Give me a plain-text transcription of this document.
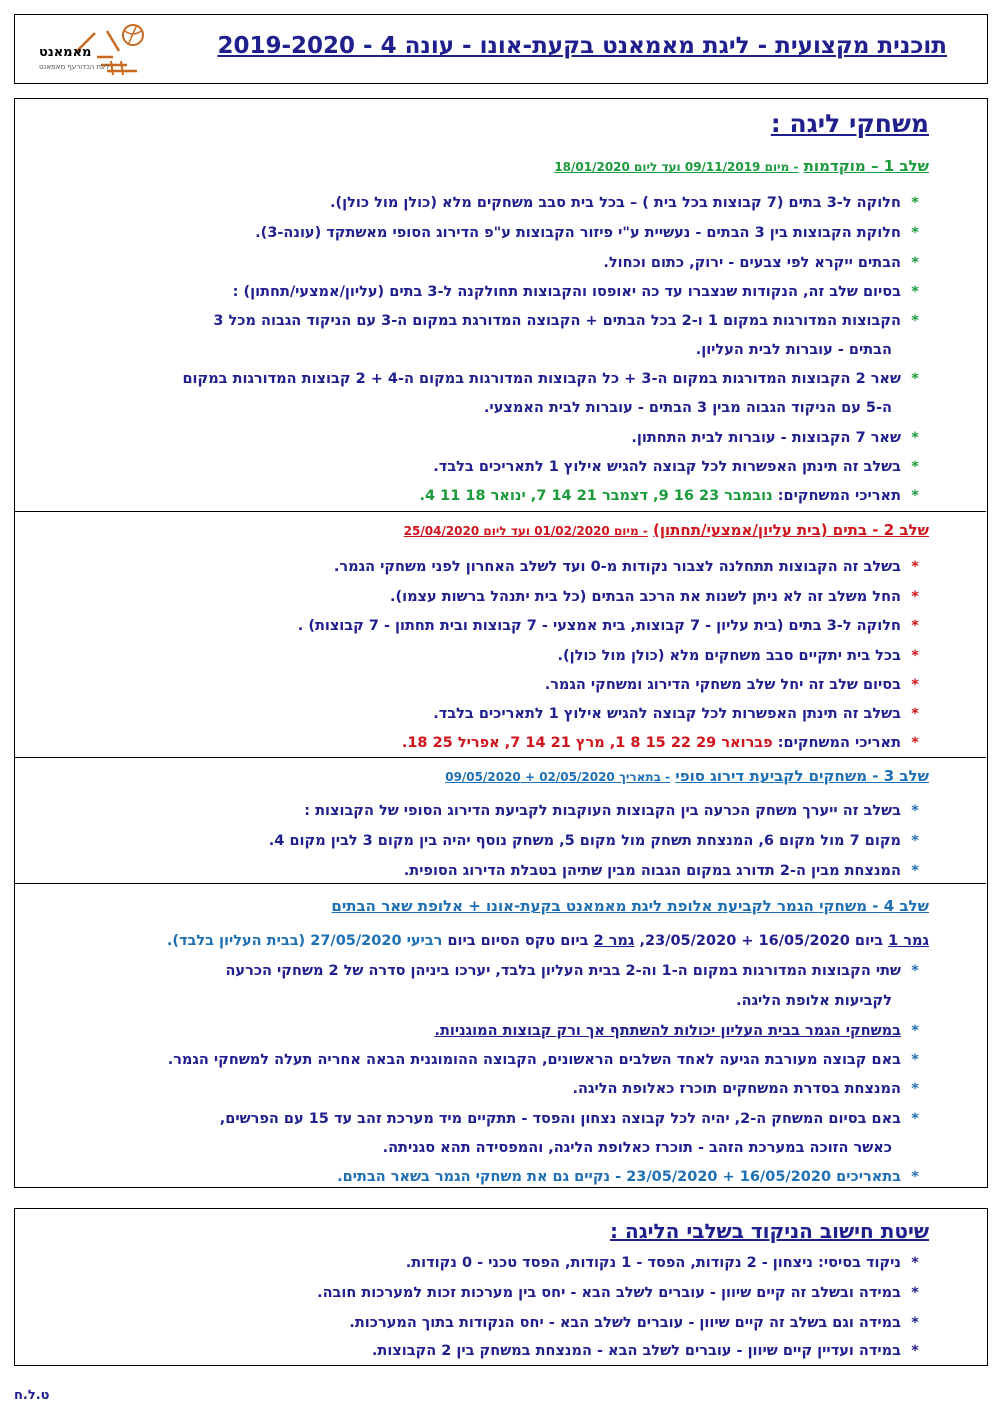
תוכנית מקצועית - ליגת מאמאנט בקעת-אונו - עונה 4 - 2019-2020
מאמאנט
ליגת הכדורעף מאמאנט
משחקי ליגה :
שלב 1 – מוקדמות - מיום 09/11/2019 ועד ליום 18/01/2020
*חלוקה ל-3 בתים (7 קבוצות בכל בית ) – בכל בית סבב משחקים מלא (כולן מול כולן).
*חלוקת הקבוצות בין 3 הבתים - נעשיית ע"י פיזור הקבוצות ע"פ הדירוג הסופי מאשתקד (עונה-3).
*הבתים ייקרא לפי צבעים - ירוק, כתום וכחול.
*בסיום שלב זה, הנקודות שנצברו עד כה יאופסו והקבוצות תחולקנה ל-3 בתים (עליון/אמצעי/תחתון) :
*הקבוצות המדורגות במקום 1 ו-2 בכל הבתים + הקבוצה המדורגת במקום ה-3 עם הניקוד הגבוה מכל 3
הבתים - עוברות לבית העליון.
*שאר 2 הקבוצות המדורגות במקום ה-3 + כל הקבוצות המדורגות במקום ה-4 + 2 קבוצות המדורגות במקום
ה-5 עם הניקוד הגבוה מבין 3 הבתים - עוברות לבית האמצעי.
*שאר 7 הקבוצות - עוברות לבית התחתון.
*בשלב זה תינתן האפשרות לכל קבוצה להגיש אילוץ 1 לתאריכים בלבד.
*תאריכי המשחקים: נובמבר 23 16 9, דצמבר 21 14 7, ינואר 18 11 4.
שלב 2 - בתים (בית עליון/אמצעי/תחתון) - מיום 01/02/2020 ועד ליום 25/04/2020
*בשלב זה הקבוצות תתחלנה לצבור נקודות מ-0 ועד לשלב האחרון לפני משחקי הגמר.
*החל משלב זה לא ניתן לשנות את הרכב הבתים (כל בית יתנהל ברשות עצמו).
*חלוקה ל-3 בתים (בית עליון - 7 קבוצות, בית אמצעי - 7 קבוצות ובית תחתון - 7 קבוצות) .
*בכל בית יתקיים סבב משחקים מלא (כולן מול כולן).
*בסיום שלב זה יחל שלב משחקי הדירוג ומשחקי הגמר.
*בשלב זה תינתן האפשרות לכל קבוצה להגיש אילוץ 1 לתאריכים בלבד.
*תאריכי המשחקים: פברואר 29 22 15 8 1, מרץ 21 14 7, אפריל 25 18.
שלב 3 - משחקים לקביעת דירוג סופי - בתאריך 02/05/2020 + 09/05/2020
*בשלב זה ייערך משחק הכרעה בין הקבוצות העוקבות לקביעת הדירוג הסופי של הקבוצות :
*מקום 7 מול מקום 6, המנצחת תשחק מול מקום 5, משחק נוסף יהיה בין מקום 3 לבין מקום 4.
*המנצחת מבין ה-2 תדורג במקום הגבוה מבין שתיהן בטבלת הדירוג הסופית.
שלב 4 - משחקי הגמר לקביעת אלופת ליגת מאמאנט בקעת-אונו + אלופת שאר הבתים
גמר 1 ביום 16/05/2020 + 23/05/2020, גמר 2 ביום טקס הסיום ביום רביעי 27/05/2020 (בבית העליון בלבד).
*שתי הקבוצות המדורגות במקום ה-1 וה-2 בבית העליון בלבד, יערכו ביניהן סדרה של 2 משחקי הכרעה
לקביעות אלופת הליגה.
*במשחקי הגמר בבית העליון יכולות להשתתף אך ורק קבוצות המוגניות.
*באם קבוצה מעורבת הגיעה לאחד השלבים הראשונים, הקבוצה ההומוגנית הבאה אחריה תעלה למשחקי הגמר.
*המנצחת בסדרת המשחקים תוכרז כאלופת הליגה.
*באם בסיום המשחק ה-2, יהיה לכל קבוצה נצחון והפסד - תתקיים מיד מערכת זהב עד 15 עם הפרשים,
כאשר הזוכה במערכת הזהב - תוכרז כאלופת הליגה, והמפסידה תהא סגניתה.
*בתאריכים 16/05/2020 + 23/05/2020 - נקיים גם את משחקי הגמר בשאר הבתים.
שיטת חישוב הניקוד בשלבי הליגה :
*ניקוד בסיסי: ניצחון - 2 נקודות, הפסד - 1 נקודות, הפסד טכני - 0 נקודות.
*במידה ובשלב זה קיים שיוון - עוברים לשלב הבא - יחס בין מערכות זכות למערכות חובה.
*במידה וגם בשלב זה קיים שיוון - עוברים לשלב הבא - יחס הנקודות בתוך המערכות.
*במידה ועדיין קיים שיוון - עוברים לשלב הבא - המנצחת במשחק בין 2 הקבוצות.
ט.ל.ח
